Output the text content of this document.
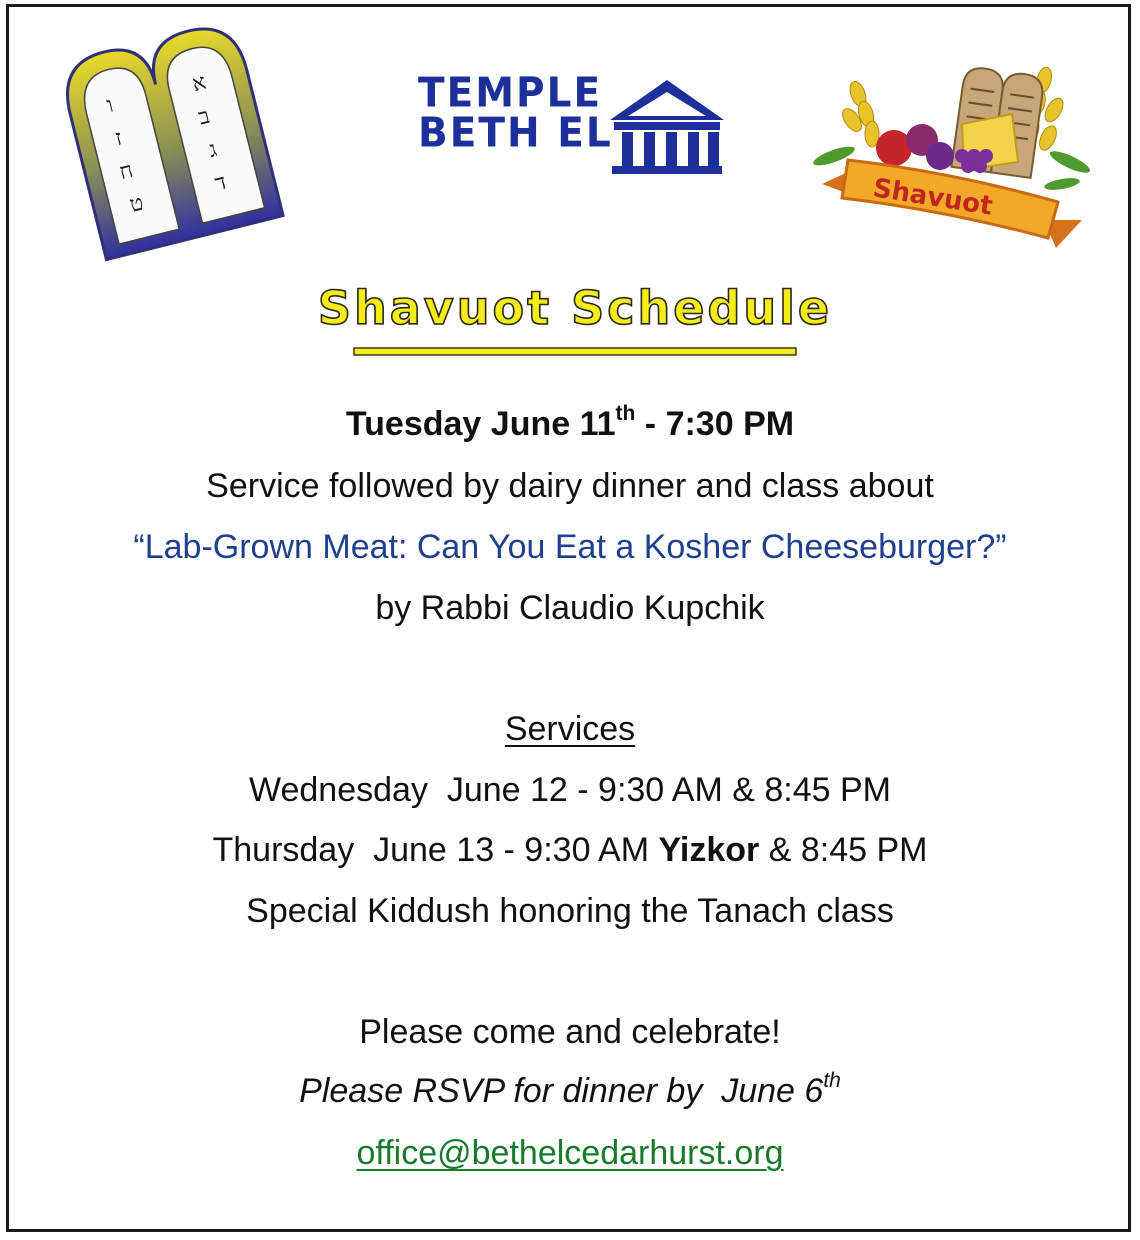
ו
ז
ח
ט
א
ב
ג
ד
TEMPLE
BETH EL
Shavuot
Shavuot Schedule
Tuesday June 11th - 7:30 PM
Service followed by dairy dinner and class about
“Lab-Grown Meat: Can You Eat a Kosher Cheeseburger?”
by Rabbi Claudio Kupchik
Services
Wednesday  June 12 - 9:30 AM & 8:45 PM
Thursday  June 13 - 9:30 AM Yizkor & 8:45 PM
Special Kiddush honoring the Tanach class
Please come and celebrate!
Please RSVP for dinner by  June 6th
office@bethelcedarhurst.org
